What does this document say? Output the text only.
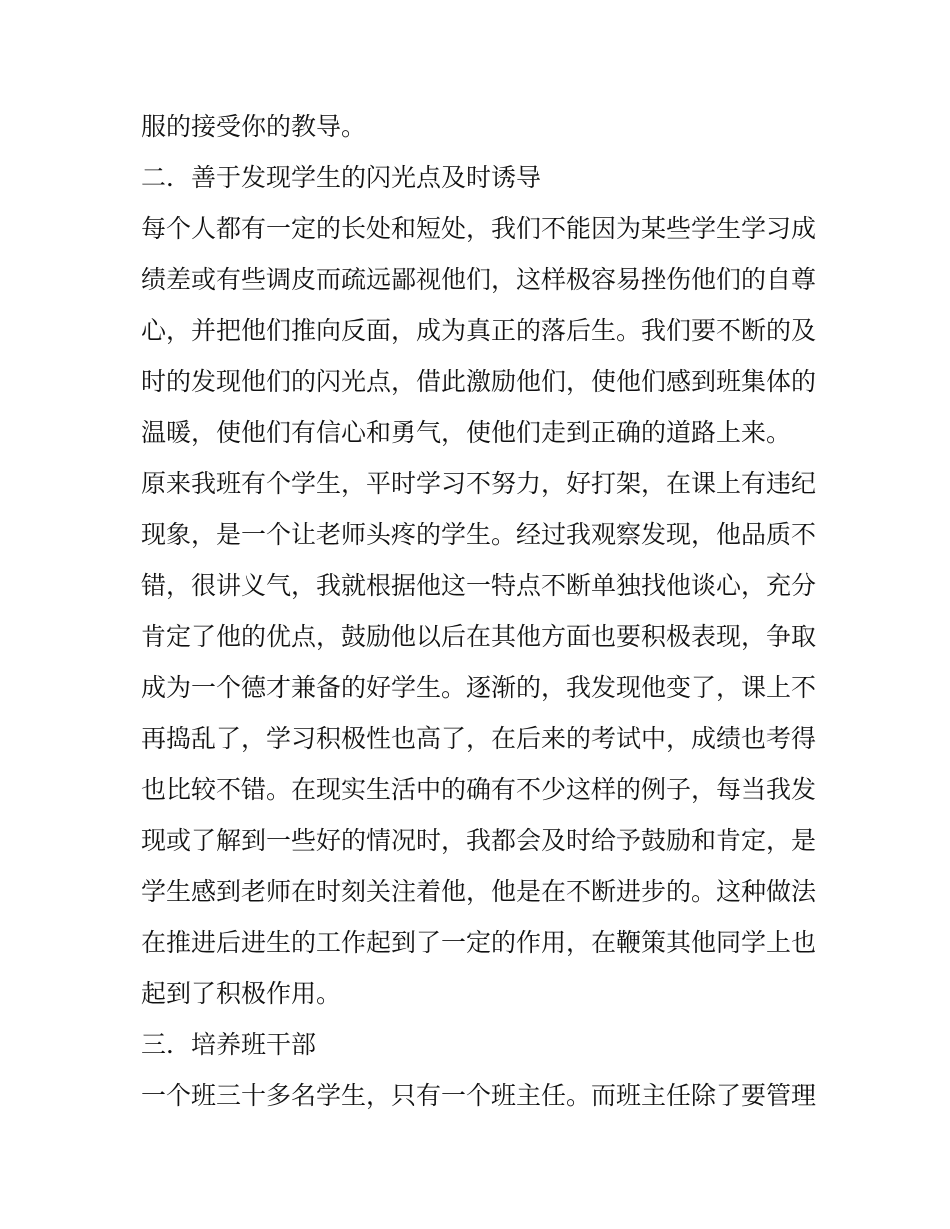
服的接受你的教导。
二．善于发现学生的闪光点及时诱导
每个人都有一定的长处和短处，我们不能因为某些学生学习成
绩差或有些调皮而疏远鄙视他们，这样极容易挫伤他们的自尊
心，并把他们推向反面，成为真正的落后生。我们要不断的及
时的发现他们的闪光点，借此激励他们，使他们感到班集体的
温暖，使他们有信心和勇气，使他们走到正确的道路上来。
原来我班有个学生，平时学习不努力，好打架，在课上有违纪
现象，是一个让老师头疼的学生。经过我观察发现，他品质不
错，很讲义气，我就根据他这一特点不断单独找他谈心，充分
肯定了他的优点，鼓励他以后在其他方面也要积极表现，争取
成为一个德才兼备的好学生。逐渐的，我发现他变了，课上不
再捣乱了，学习积极性也高了，在后来的考试中，成绩也考得
也比较不错。在现实生活中的确有不少这样的例子，每当我发
现或了解到一些好的情况时，我都会及时给予鼓励和肯定，是
学生感到老师在时刻关注着他，他是在不断进步的。这种做法
在推进后进生的工作起到了一定的作用，在鞭策其他同学上也
起到了积极作用。
三．培养班干部
一个班三十多名学生，只有一个班主任。而班主任除了要管理
